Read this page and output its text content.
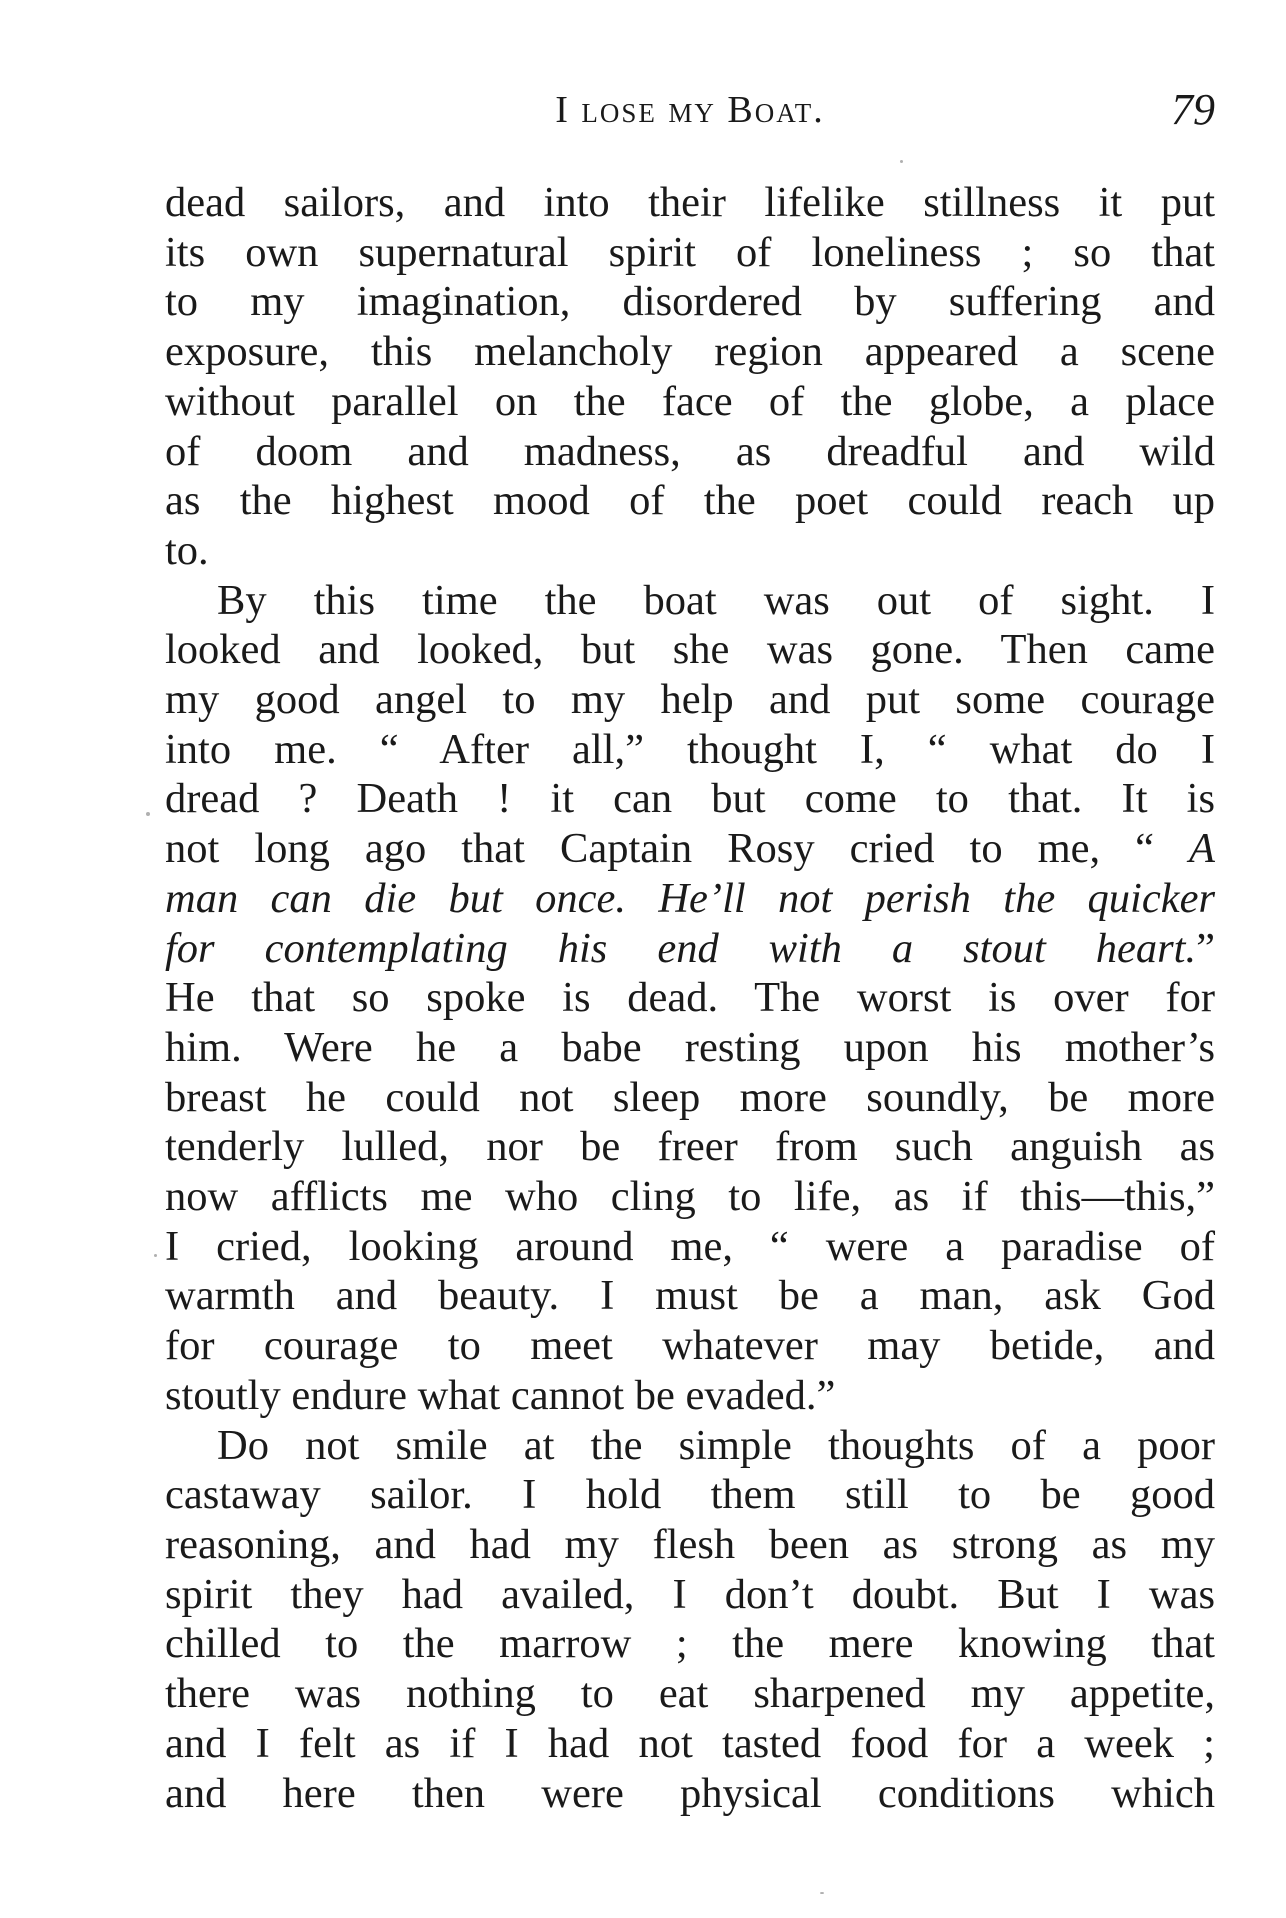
I lose my Boat.	79
dead sailors, and into their lifelike stillness it put
its own supernatural spirit of loneliness ; so that
to my imagination, disordered by suffering and
exposure, this melancholy region appeared a scene
without parallel on the face of the globe, a place
of doom and madness, as dreadful and wild
as the highest mood of the poet could reach up
to.
By this time the boat was out of sight. I
looked and looked, but she was gone. Then came
my good angel to my help and put some courage
into me. “ After all,” thought I, “ what do I
dread ? Death ! it can but come to that. It is
not long ago that Captain Rosy cried to me, “ A
man can die but once. He’ll not perish the quicker
for contemplating his end with a stout heart.”
He that so spoke is dead. The worst is over for
him. Were he a babe resting upon his mother’s
breast he could not sleep more soundly, be more
tenderly lulled, nor be freer from such anguish as
now afflicts me who cling to life, as if this—this,”
I cried, looking around me, “ were a paradise of
warmth and beauty. I must be a man, ask God
for courage to meet whatever may betide, and
stoutly endure what cannot be evaded.”
Do not smile at the simple thoughts of a poor
castaway sailor. I hold them still to be good
reasoning, and had my flesh been as strong as my
spirit they had availed, I don’t doubt. But I was
chilled to the marrow ; the mere knowing that
there was nothing to eat sharpened my appetite,
and I felt as if I had not tasted food for a week ;
and here then were physical conditions which
